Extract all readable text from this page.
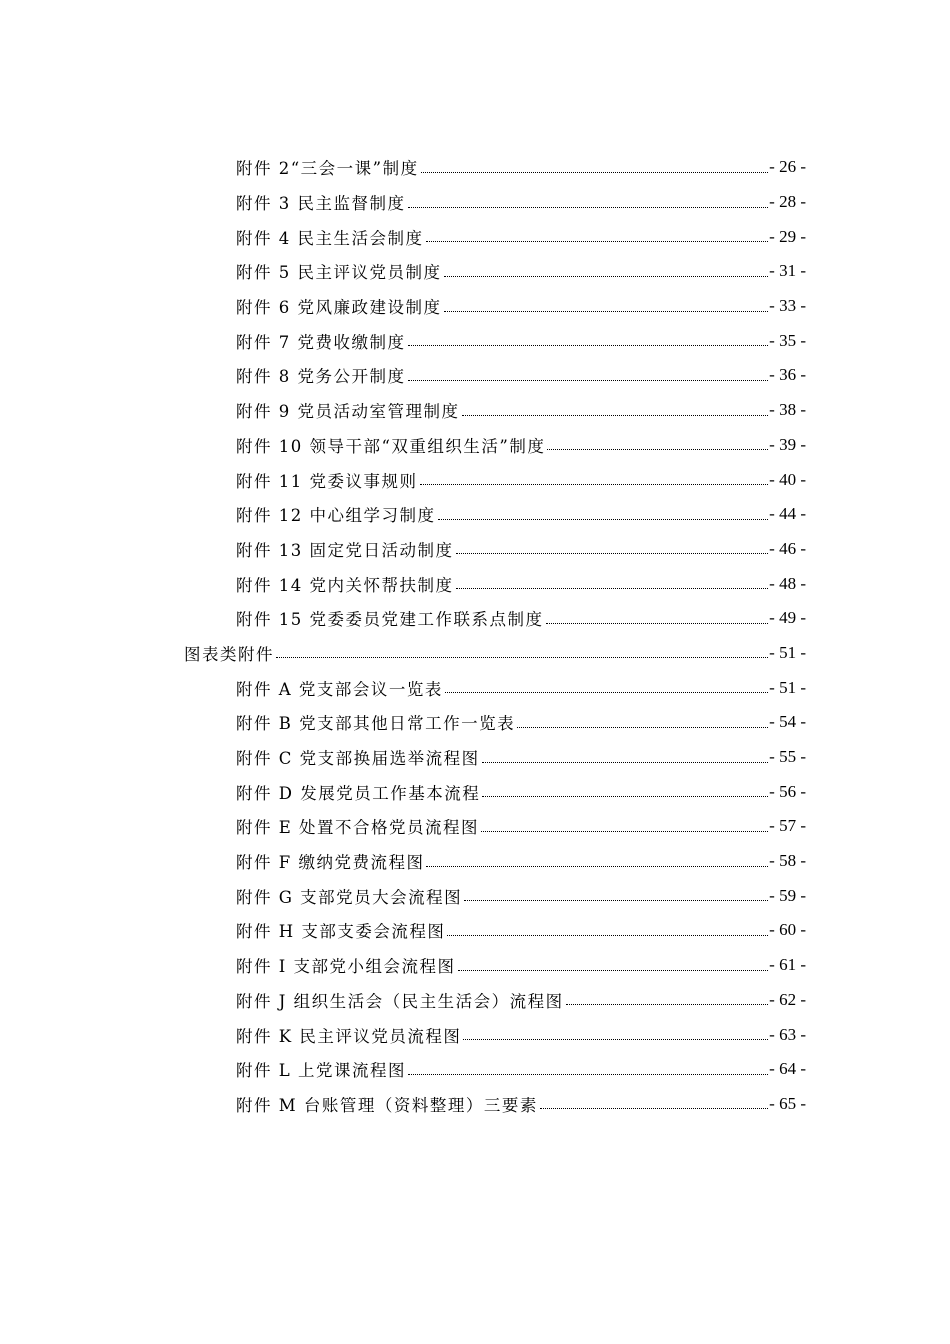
附件 2“三会一课”制度	- 26 -
附件 3 民主监督制度	- 28 -
附件 4 民主生活会制度	- 29 -
附件 5 民主评议党员制度	- 31 -
附件 6 党风廉政建设制度	- 33 -
附件 7 党费收缴制度	- 35 -
附件 8 党务公开制度	- 36 -
附件 9 党员活动室管理制度	- 38 -
附件 10 领导干部“双重组织生活”制度	- 39 -
附件 11 党委议事规则	- 40 -
附件 12 中心组学习制度	- 44 -
附件 13 固定党日活动制度	- 46 -
附件 14 党内关怀帮扶制度	- 48 -
附件 15 党委委员党建工作联系点制度	- 49 -
图表类附件	- 51 -
附件 A 党支部会议一览表	- 51 -
附件 B 党支部其他日常工作一览表	- 54 -
附件 C 党支部换届选举流程图	- 55 -
附件 D 发展党员工作基本流程	- 56 -
附件 E 处置不合格党员流程图	- 57 -
附件 F 缴纳党费流程图	- 58 -
附件 G 支部党员大会流程图	- 59 -
附件 H 支部支委会流程图	- 60 -
附件 I 支部党小组会流程图	- 61 -
附件 J 组织生活会（民主生活会）流程图	- 62 -
附件 K 民主评议党员流程图	- 63 -
附件 L 上党课流程图	- 64 -
附件 M 台账管理（资料整理）三要素	- 65 -
